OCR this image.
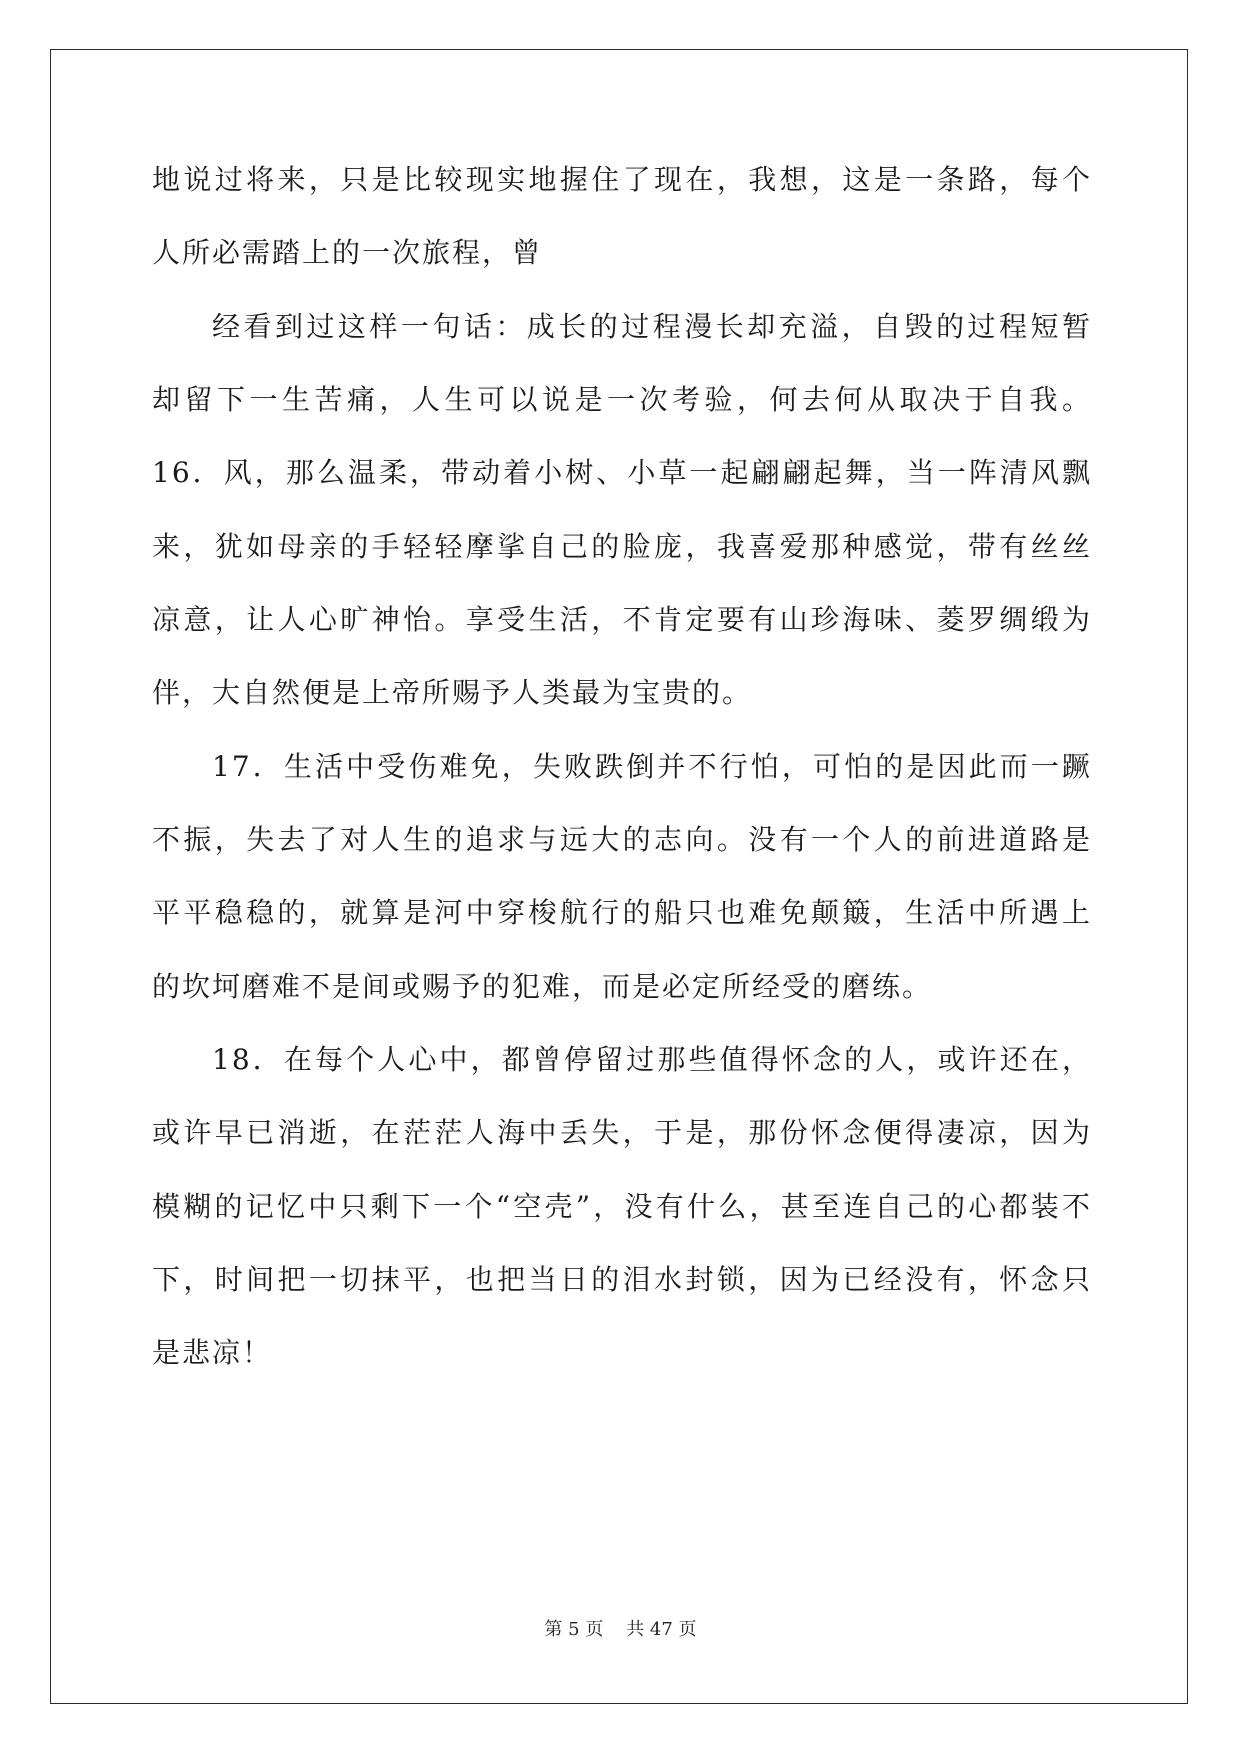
地说过将来，只是比较现实地握住了现在，我想，这是一条路，每个
人所必需踏上的一次旅程，曾
经看到过这样一句话：成长的过程漫长却充溢，自毁的过程短暂
却留下一生苦痛，人生可以说是一次考验，何去何从取决于自我。
16．风，那么温柔，带动着小树、小草一起翩翩起舞，当一阵清风飘
来，犹如母亲的手轻轻摩挲自己的脸庞，我喜爱那种感觉，带有丝丝
凉意，让人心旷神怡。享受生活，不肯定要有山珍海味、菱罗绸缎为
伴，大自然便是上帝所赐予人类最为宝贵的。
17．生活中受伤难免，失败跌倒并不行怕，可怕的是因此而一蹶
不振，失去了对人生的追求与远大的志向。没有一个人的前进道路是
平平稳稳的，就算是河中穿梭航行的船只也难免颠簸，生活中所遇上
的坎坷磨难不是间或赐予的犯难，而是必定所经受的磨练。
18．在每个人心中，都曾停留过那些值得怀念的人，或许还在，
或许早已消逝，在茫茫人海中丢失，于是，那份怀念便得凄凉，因为
模糊的记忆中只剩下一个“空壳”，没有什么，甚至连自己的心都装不
下，时间把一切抹平，也把当日的泪水封锁，因为已经没有，怀念只
是悲凉！
第 5 页    共 47 页
